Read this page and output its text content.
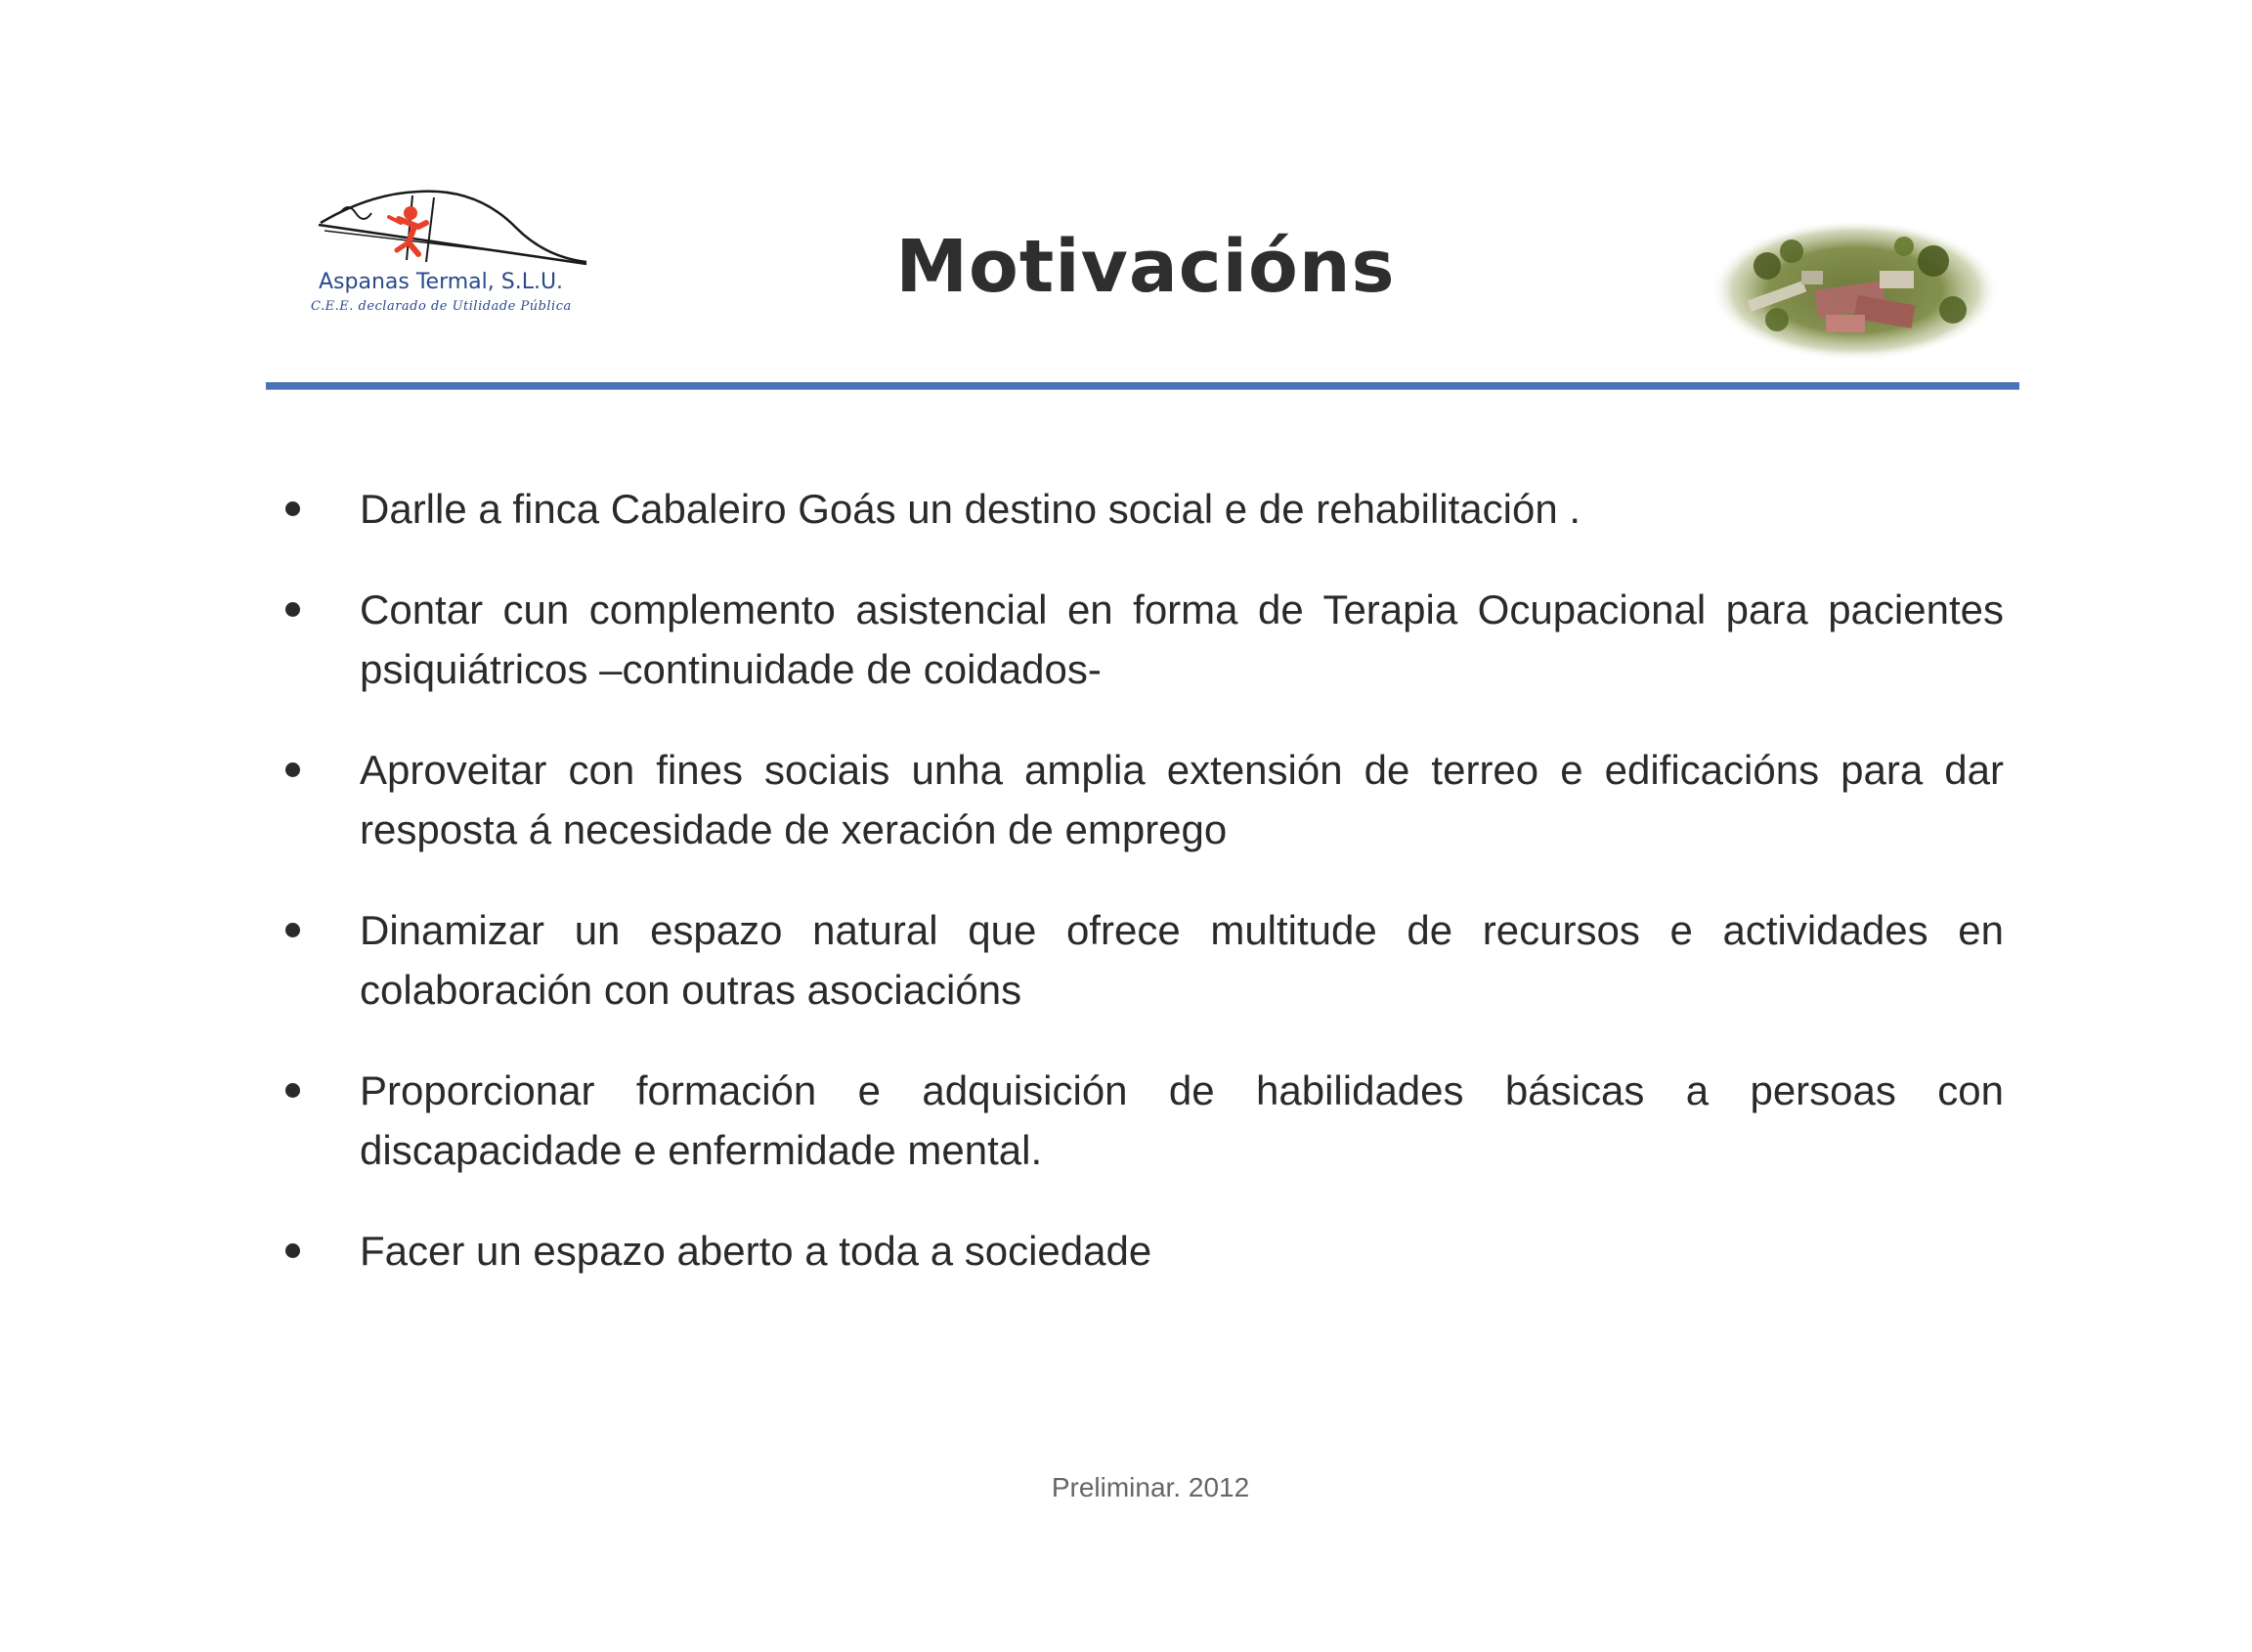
Aspanas Termal, S.L.U.
C.E.E. declarado de Utilidade Pública	Motivacións
Darlle a finca Cabaleiro Goás un destino social e de rehabilitación .
Contar cun complemento asistencial en forma de Terapia Ocupacional para pacientes psiquiátricos –continuidade de coidados-
Aproveitar con fines sociais unha amplia extensión de terreo e edificacións para dar resposta á necesidade de xeración de emprego
Dinamizar un espazo natural que ofrece multitude de recursos e actividades en colaboración con outras asociacións
Proporcionar formación e adquisición de habilidades básicas a persoas con discapacidade e enfermidade mental.
Facer un espazo aberto a toda a sociedade
Preliminar. 2012
